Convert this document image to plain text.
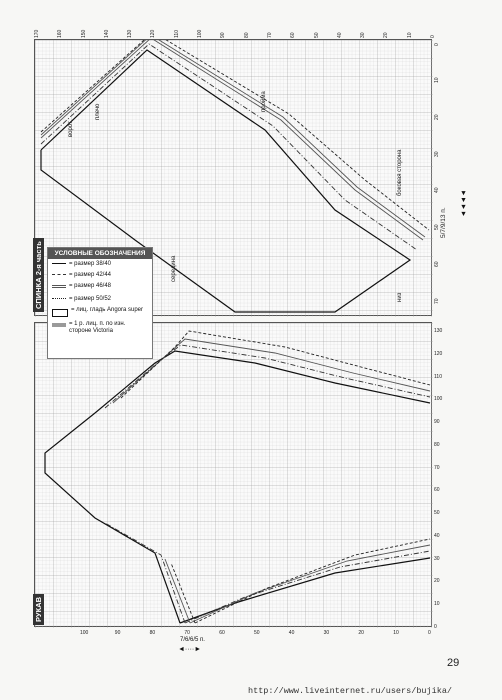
ворот
плечо	пройма
боковая сторона
середина
низ
170	160	150	140	130	120	110	100	90	80	70	60	50	40	30	20	10	0
0
10
20
30
40
50
60
70
5/7/9/13 п.
◄◄◄◄
СПИНКА 2-я часть
100	90	80	70	60	50	40	30	20	10	0
0
10
20
30
40
50
60
70
80
90
100
110
120
130
РУКАВ
7/6/6/5 п.
◄····►
УСЛОВНЫЕ ОБОЗНАЧЕНИЯ
= размер 38/40
= размер 42/44
= размер 46/48
= размер 50/52
= лиц. гладь Angora super
= 1 р. лиц. п. по изн. стороне Victoria
29
http://www.liveinternet.ru/users/bujika/
